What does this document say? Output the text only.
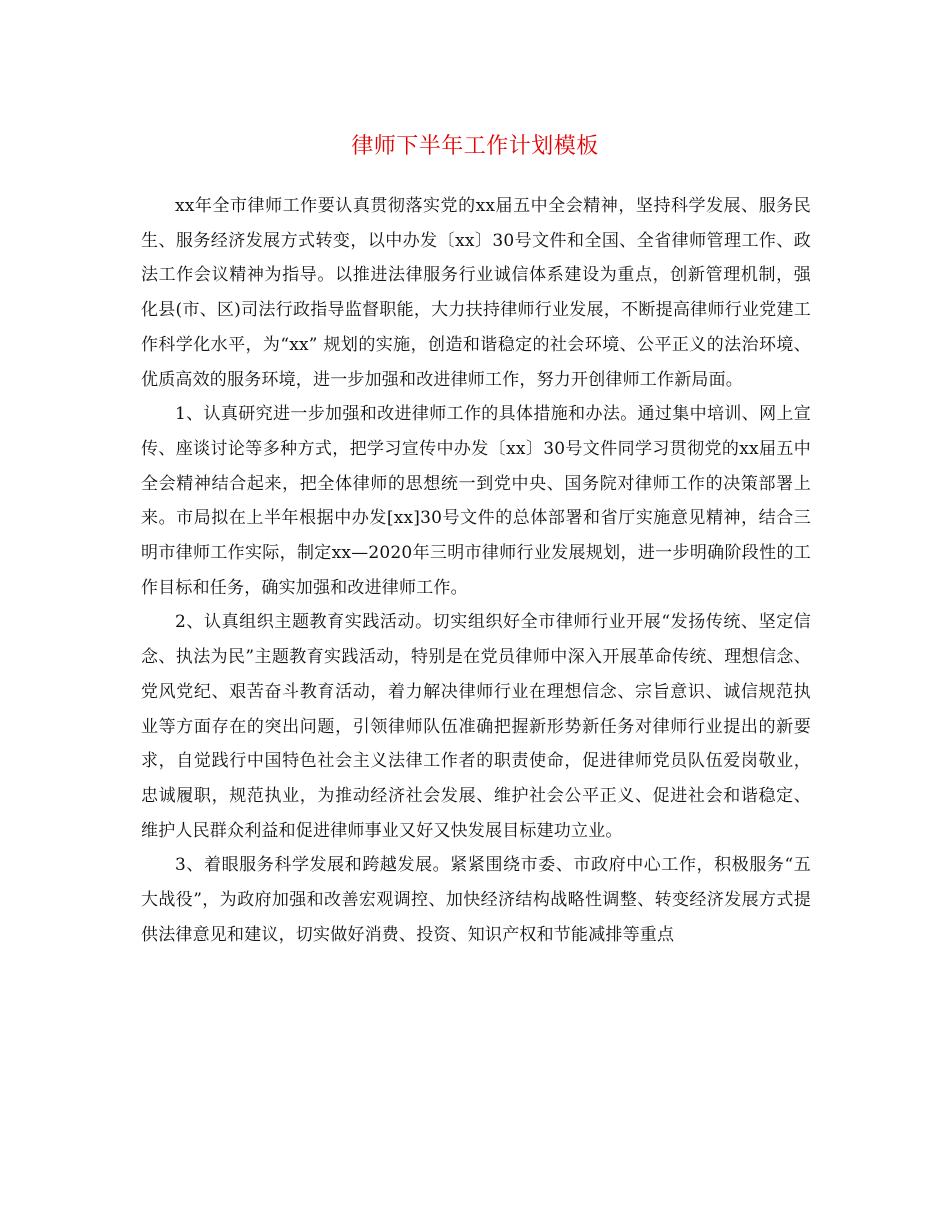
律师下半年工作计划模板

xx年全市律师工作要认真贯彻落实党的xx届五中全会精神，坚持科学发展、服务民生、服务经济发展方式转变，以中办发〔xx〕30号文件和全国、全省律师管理工作、政法工作会议精神为指导。以推进法律服务行业诚信体系建设为重点，创新管理机制，强化县(市、区)司法行政指导监督职能，大力扶持律师行业发展，不断提高律师行业党建工作科学化水平，为“xx” 规划的实施，创造和谐稳定的社会环境、公平正义的法治环境、优质高效的服务环境，进一步加强和改进律师工作，努力开创律师工作新局面。

1、认真研究进一步加强和改进律师工作的具体措施和办法。通过集中培训、网上宣传、座谈讨论等多种方式，把学习宣传中办发〔xx〕30号文件同学习贯彻党的xx届五中全会精神结合起来，把全体律师的思想统一到党中央、国务院对律师工作的决策部署上来。市局拟在上半年根据中办发[xx]30号文件的总体部署和省厅实施意见精神，结合三明市律师工作实际，制定xx—2020年三明市律师行业发展规划，进一步明确阶段性的工作目标和任务，确实加强和改进律师工作。

2、认真组织主题教育实践活动。切实组织好全市律师行业开展“发扬传统、坚定信念、执法为民”主题教育实践活动，特别是在党员律师中深入开展革命传统、理想信念、党风党纪、艰苦奋斗教育活动，着力解决律师行业在理想信念、宗旨意识、诚信规范执业等方面存在的突出问题，引领律师队伍准确把握新形势新任务对律师行业提出的新要求，自觉践行中国特色社会主义法律工作者的职责使命，促进律师党员队伍爱岗敬业，忠诚履职，规范执业，为推动经济社会发展、维护社会公平正义、促进社会和谐稳定、维护人民群众利益和促进律师事业又好又快发展目标建功立业。

3、着眼服务科学发展和跨越发展。紧紧围绕市委、市政府中心工作，积极服务“五大战役”，为政府加强和改善宏观调控、加快经济结构战略性调整、转变经济发展方式提供法律意见和建议，切实做好消费、投资、知识产权和节能减排等重点
